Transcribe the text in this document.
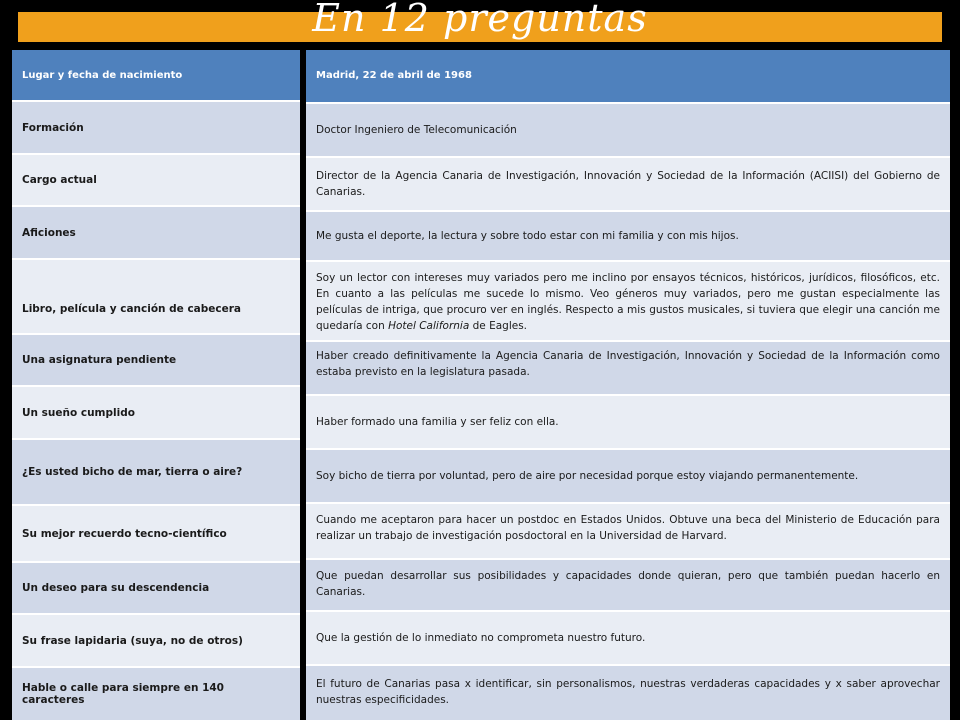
En 12 preguntas
Lugar y fecha de nacimiento
Formación
Cargo actual
Aficiones
Libro, película y canción de cabecera
Una asignatura pendiente
Un sueño cumplido
¿Es usted bicho de mar, tierra o aire?
Su mejor recuerdo tecno-científico
Un deseo para su descendencia
Su frase lapidaria (suya, no de otros)
Hable o calle para siempre en 140 caracteres
Madrid, 22 de abril de 1968
Doctor Ingeniero de Telecomunicación
Director de la Agencia Canaria de Investigación, Innovación y Sociedad de la Información (ACIISI) del Gobierno de Canarias.
Me gusta el deporte, la lectura y sobre todo estar con mi familia y con mis hijos.
Soy un lector con intereses muy variados pero me inclino por ensayos técnicos, históricos, jurídicos, filosóficos, etc. En cuanto a las películas me sucede lo mismo. Veo géneros muy variados, pero me gustan especialmente las películas de intriga, que procuro ver en inglés. Respecto a mis gustos musicales, si tuviera que elegir una canción me quedaría con Hotel California de Eagles.
Haber creado definitivamente la Agencia Canaria de Investigación, Innovación y Sociedad de la Información como estaba previsto en la legislatura pasada.
Haber formado una familia y ser feliz con ella.
Soy bicho de tierra por voluntad, pero de aire por necesidad porque estoy viajando permanentemente.
Cuando me aceptaron para hacer un postdoc en Estados Unidos. Obtuve una beca del Ministerio de Educación para realizar un trabajo de investigación posdoctoral en la Universidad de Harvard.
Que puedan desarrollar sus posibilidades y capacidades donde quieran, pero que también puedan hacerlo en Canarias.
Que la gestión de lo inmediato no comprometa nuestro futuro.
El futuro de Canarias pasa x identificar, sin personalismos, nuestras verdaderas capacidades y x saber aprovechar nuestras especificidades.
